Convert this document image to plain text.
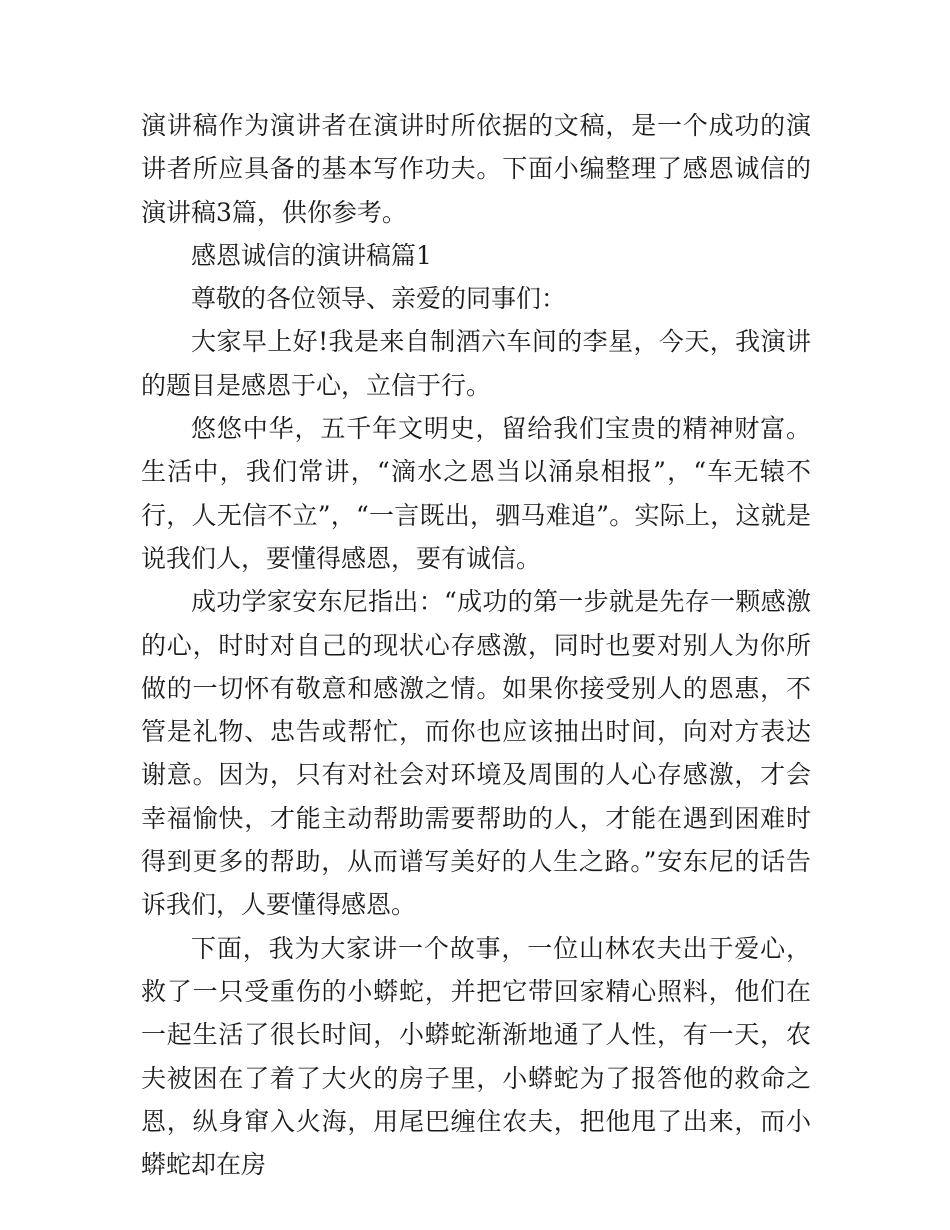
演讲稿作为演讲者在演讲时所依据的文稿，是一个成功的演讲者所应具备的基本写作功夫。下面小编整理了感恩诚信的演讲稿3篇，供你参考。

感恩诚信的演讲稿篇1

尊敬的各位领导、亲爱的同事们：

大家早上好!我是来自制酒六车间的李星，今天，我演讲的题目是感恩于心，立信于行。

悠悠中华，五千年文明史，留给我们宝贵的精神财富。生活中，我们常讲，“滴水之恩当以涌泉相报”，“车无辕不行，人无信不立”，“一言既出，驷马难追”。实际上，这就是说我们人，要懂得感恩，要有诚信。

成功学家安东尼指出：“成功的第一步就是先存一颗感激的心，时时对自己的现状心存感激，同时也要对别人为你所做的一切怀有敬意和感激之情。如果你接受别人的恩惠，不管是礼物、忠告或帮忙，而你也应该抽出时间，向对方表达谢意。因为，只有对社会对环境及周围的人心存感激，才会幸福愉快，才能主动帮助需要帮助的人，才能在遇到困难时得到更多的帮助，从而谱写美好的人生之路。”安东尼的话告诉我们，人要懂得感恩。

下面，我为大家讲一个故事，一位山林农夫出于爱心，救了一只受重伤的小蟒蛇，并把它带回家精心照料，他们在一起生活了很长时间，小蟒蛇渐渐地通了人性，有一天，农夫被困在了着了大火的房子里，小蟒蛇为了报答他的救命之恩，纵身窜入火海，用尾巴缠住农夫，把他甩了出来，而小蟒蛇却在房
